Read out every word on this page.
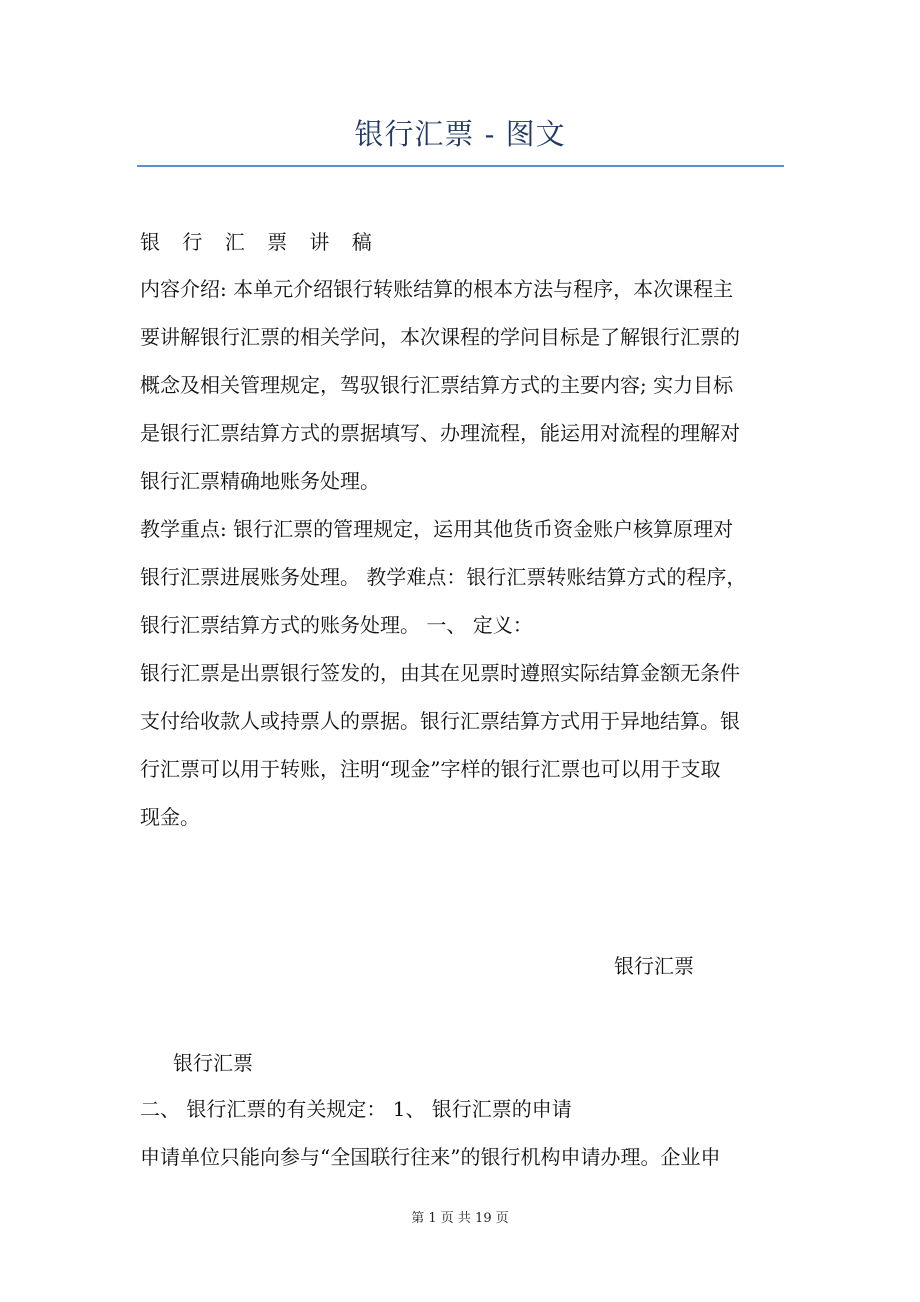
银行汇票 - 图文
银 行 汇 票 讲 稿
内容介绍: 本单元介绍银行转账结算的根本方法与程序，本次课程主
要讲解银行汇票的相关学问，本次课程的学问目标是了解银行汇票的
概念及相关管理规定，驾驭银行汇票结算方式的主要内容; 实力目标
是银行汇票结算方式的票据填写、办理流程，能运用对流程的理解对
银行汇票精确地账务处理。
教学重点: 银行汇票的管理规定，运用其他货币资金账户核算原理对
银行汇票进展账务处理。 教学难点：银行汇票转账结算方式的程序，
银行汇票结算方式的账务处理。 一、 定义：
银行汇票是出票银行签发的，由其在见票时遵照实际结算金额无条件
支付给收款人或持票人的票据。银行汇票结算方式用于异地结算。银
行汇票可以用于转账，注明“现金”字样的银行汇票也可以用于支取
现金。
银行汇票
银行汇票
二、 银行汇票的有关规定： 1、 银行汇票的申请
申请单位只能向参与“全国联行往来”的银行机构申请办理。企业申
第 1 页 共 19 页
